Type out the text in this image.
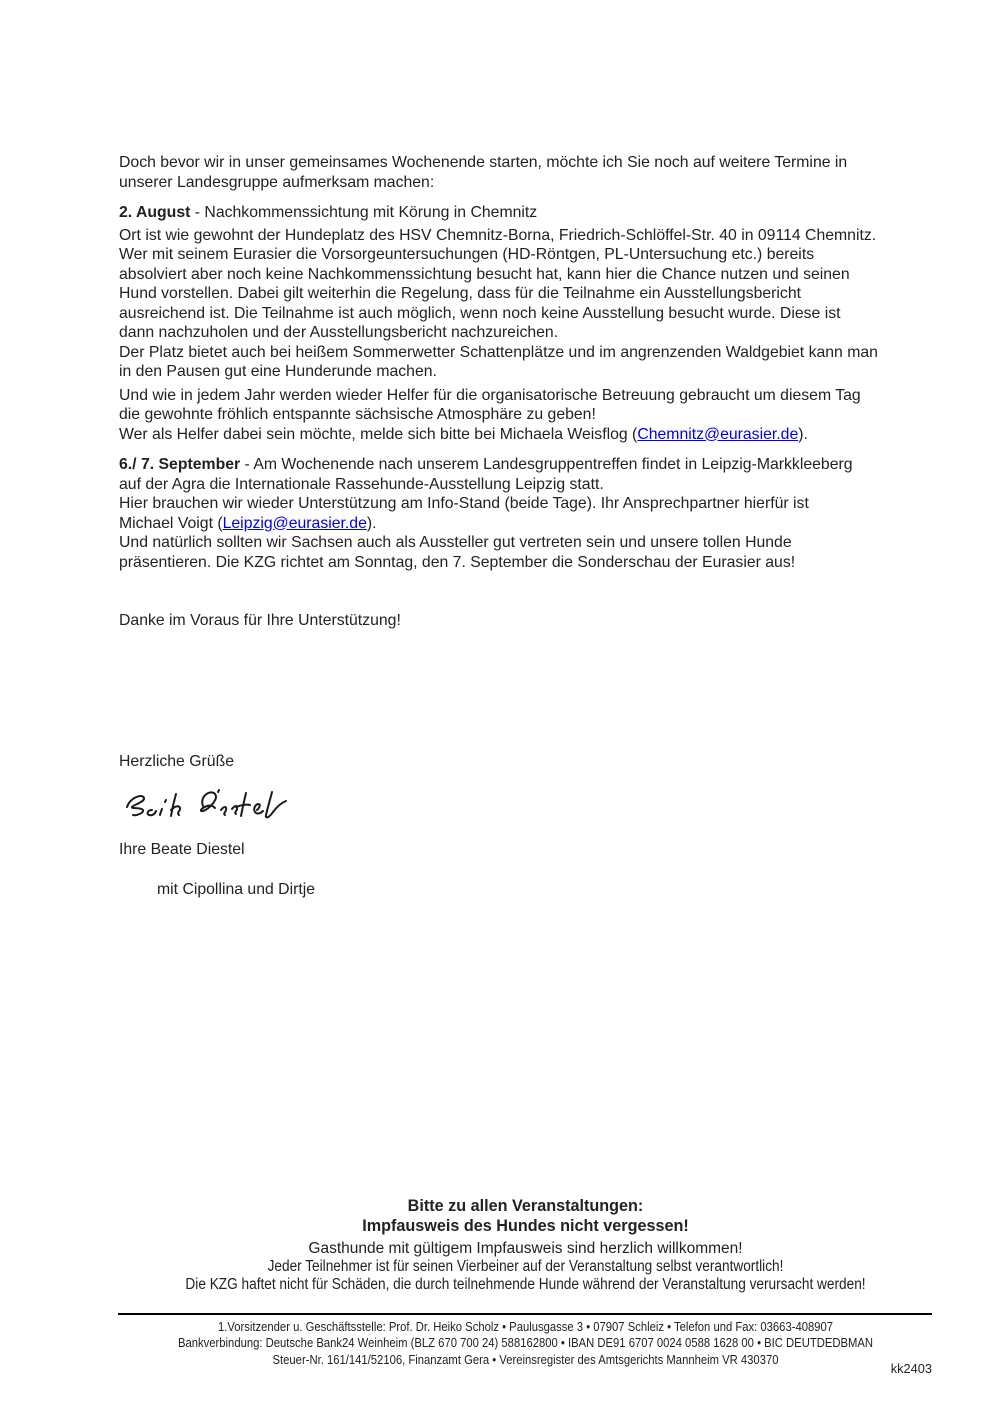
Doch bevor wir in unser gemeinsames Wochenende starten, möchte ich Sie noch auf weitere Termine in
unserer Landesgruppe aufmerksam machen:
2. August - Nachkommenssichtung mit Körung in Chemnitz
Ort ist wie gewohnt der Hundeplatz des HSV Chemnitz-Borna, Friedrich-Schlöffel-Str. 40 in 09114 Chemnitz.
Wer mit seinem Eurasier die Vorsorgeuntersuchungen (HD-Röntgen, PL-Untersuchung etc.) bereits
absolviert aber noch keine Nachkommenssichtung besucht hat, kann hier die Chance nutzen und seinen
Hund vorstellen. Dabei gilt weiterhin die Regelung, dass für die Teilnahme ein Ausstellungsbericht
ausreichend ist. Die Teilnahme ist auch möglich, wenn noch keine Ausstellung besucht wurde. Diese ist
dann nachzuholen und der Ausstellungsbericht nachzureichen.
Der Platz bietet auch bei heißem Sommerwetter Schattenplätze und im angrenzenden Waldgebiet kann man
in den Pausen gut eine Hunderunde machen.
Und wie in jedem Jahr werden wieder Helfer für die organisatorische Betreuung gebraucht um diesem Tag
die gewohnte fröhlich entspannte sächsische Atmosphäre zu geben!
Wer als Helfer dabei sein möchte, melde sich bitte bei Michaela Weisflog (Chemnitz@eurasier.de).
6./ 7. September - Am Wochenende nach unserem Landesgruppentreffen findet in Leipzig-Markkleeberg
auf der Agra die Internationale Rassehunde-Ausstellung Leipzig statt.
Hier brauchen wir wieder Unterstützung am Info-Stand (beide Tage). Ihr Ansprechpartner hierfür ist
Michael Voigt (Leipzig@eurasier.de).
Und natürlich sollten wir Sachsen auch als Aussteller gut vertreten sein und unsere tollen Hunde
präsentieren. Die KZG richtet am Sonntag, den 7. September die Sonderschau der Eurasier aus!
Danke im Voraus für Ihre Unterstützung!
Herzliche Grüße
Ihre Beate Diestel
mit Cipollina und Dirtje
Bitte zu allen Veranstaltungen:
Impfausweis des Hundes nicht vergessen!
Gasthunde mit gültigem Impfausweis sind herzlich willkommen!
Jeder Teilnehmer ist für seinen Vierbeiner auf der Veranstaltung selbst verantwortlich!
Die KZG haftet nicht für Schäden, die durch teilnehmende Hunde während der Veranstaltung verursacht werden!
1.Vorsitzender u. Geschäftsstelle: Prof. Dr. Heiko Scholz • Paulusgasse 3 • 07907 Schleiz • Telefon und Fax: 03663-408907
Bankverbindung: Deutsche Bank24 Weinheim (BLZ 670 700 24) 588162800 • IBAN DE91 6707 0024 0588 1628 00 • BIC DEUTDEDBMAN
Steuer-Nr. 161/141/52106, Finanzamt Gera • Vereinsregister des Amtsgerichts Mannheim VR 430370
kk2403
